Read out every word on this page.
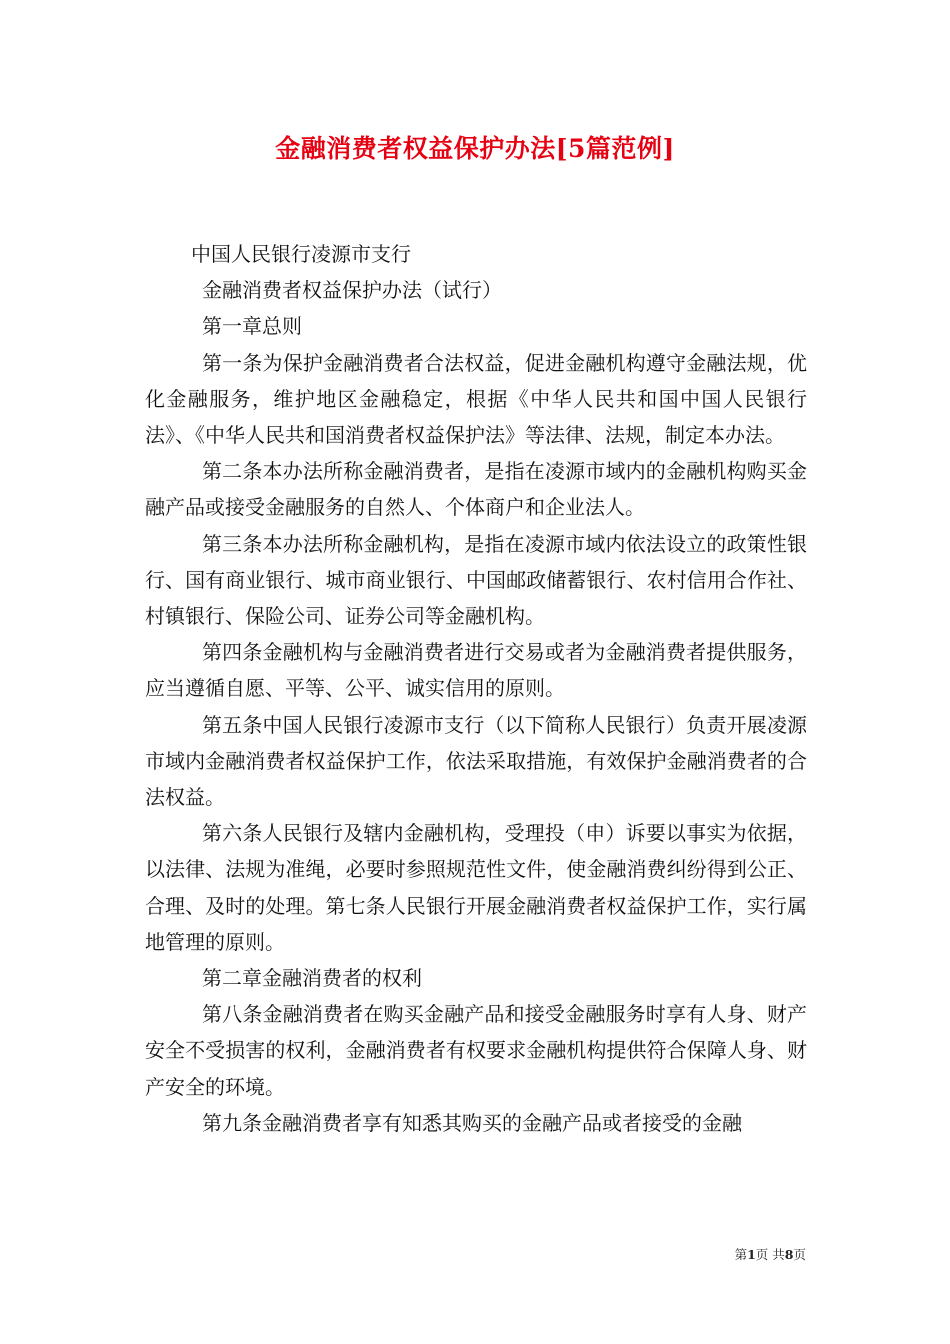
金融消费者权益保护办法[5篇范例]

中国人民银行凌源市支行

金融消费者权益保护办法（试行）

第一章总则

第一条为保护金融消费者合法权益，促进金融机构遵守金融法规，优化金融服务，维护地区金融稳定，根据《中华人民共和国中国人民银行法》、《中华人民共和国消费者权益保护法》等法律、法规，制定本办法。

第二条本办法所称金融消费者，是指在凌源市域内的金融机构购买金融产品或接受金融服务的自然人、个体商户和企业法人。

第三条本办法所称金融机构，是指在凌源市域内依法设立的政策性银行、国有商业银行、城市商业银行、中国邮政储蓄银行、农村信用合作社、村镇银行、保险公司、证券公司等金融机构。

第四条金融机构与金融消费者进行交易或者为金融消费者提供服务，应当遵循自愿、平等、公平、诚实信用的原则。

第五条中国人民银行凌源市支行（以下简称人民银行）负责开展凌源市域内金融消费者权益保护工作，依法采取措施，有效保护金融消费者的合法权益。

第六条人民银行及辖内金融机构，受理投（申）诉要以事实为依据，以法律、法规为准绳，必要时参照规范性文件，使金融消费纠纷得到公正、合理、及时的处理。第七条人民银行开展金融消费者权益保护工作，实行属地管理的原则。

第二章金融消费者的权利

第八条金融消费者在购买金融产品和接受金融服务时享有人身、财产安全不受损害的权利，金融消费者有权要求金融机构提供符合保障人身、财产安全的环境。

第九条金融消费者享有知悉其购买的金融产品或者接受的金融

第1页 共8页
